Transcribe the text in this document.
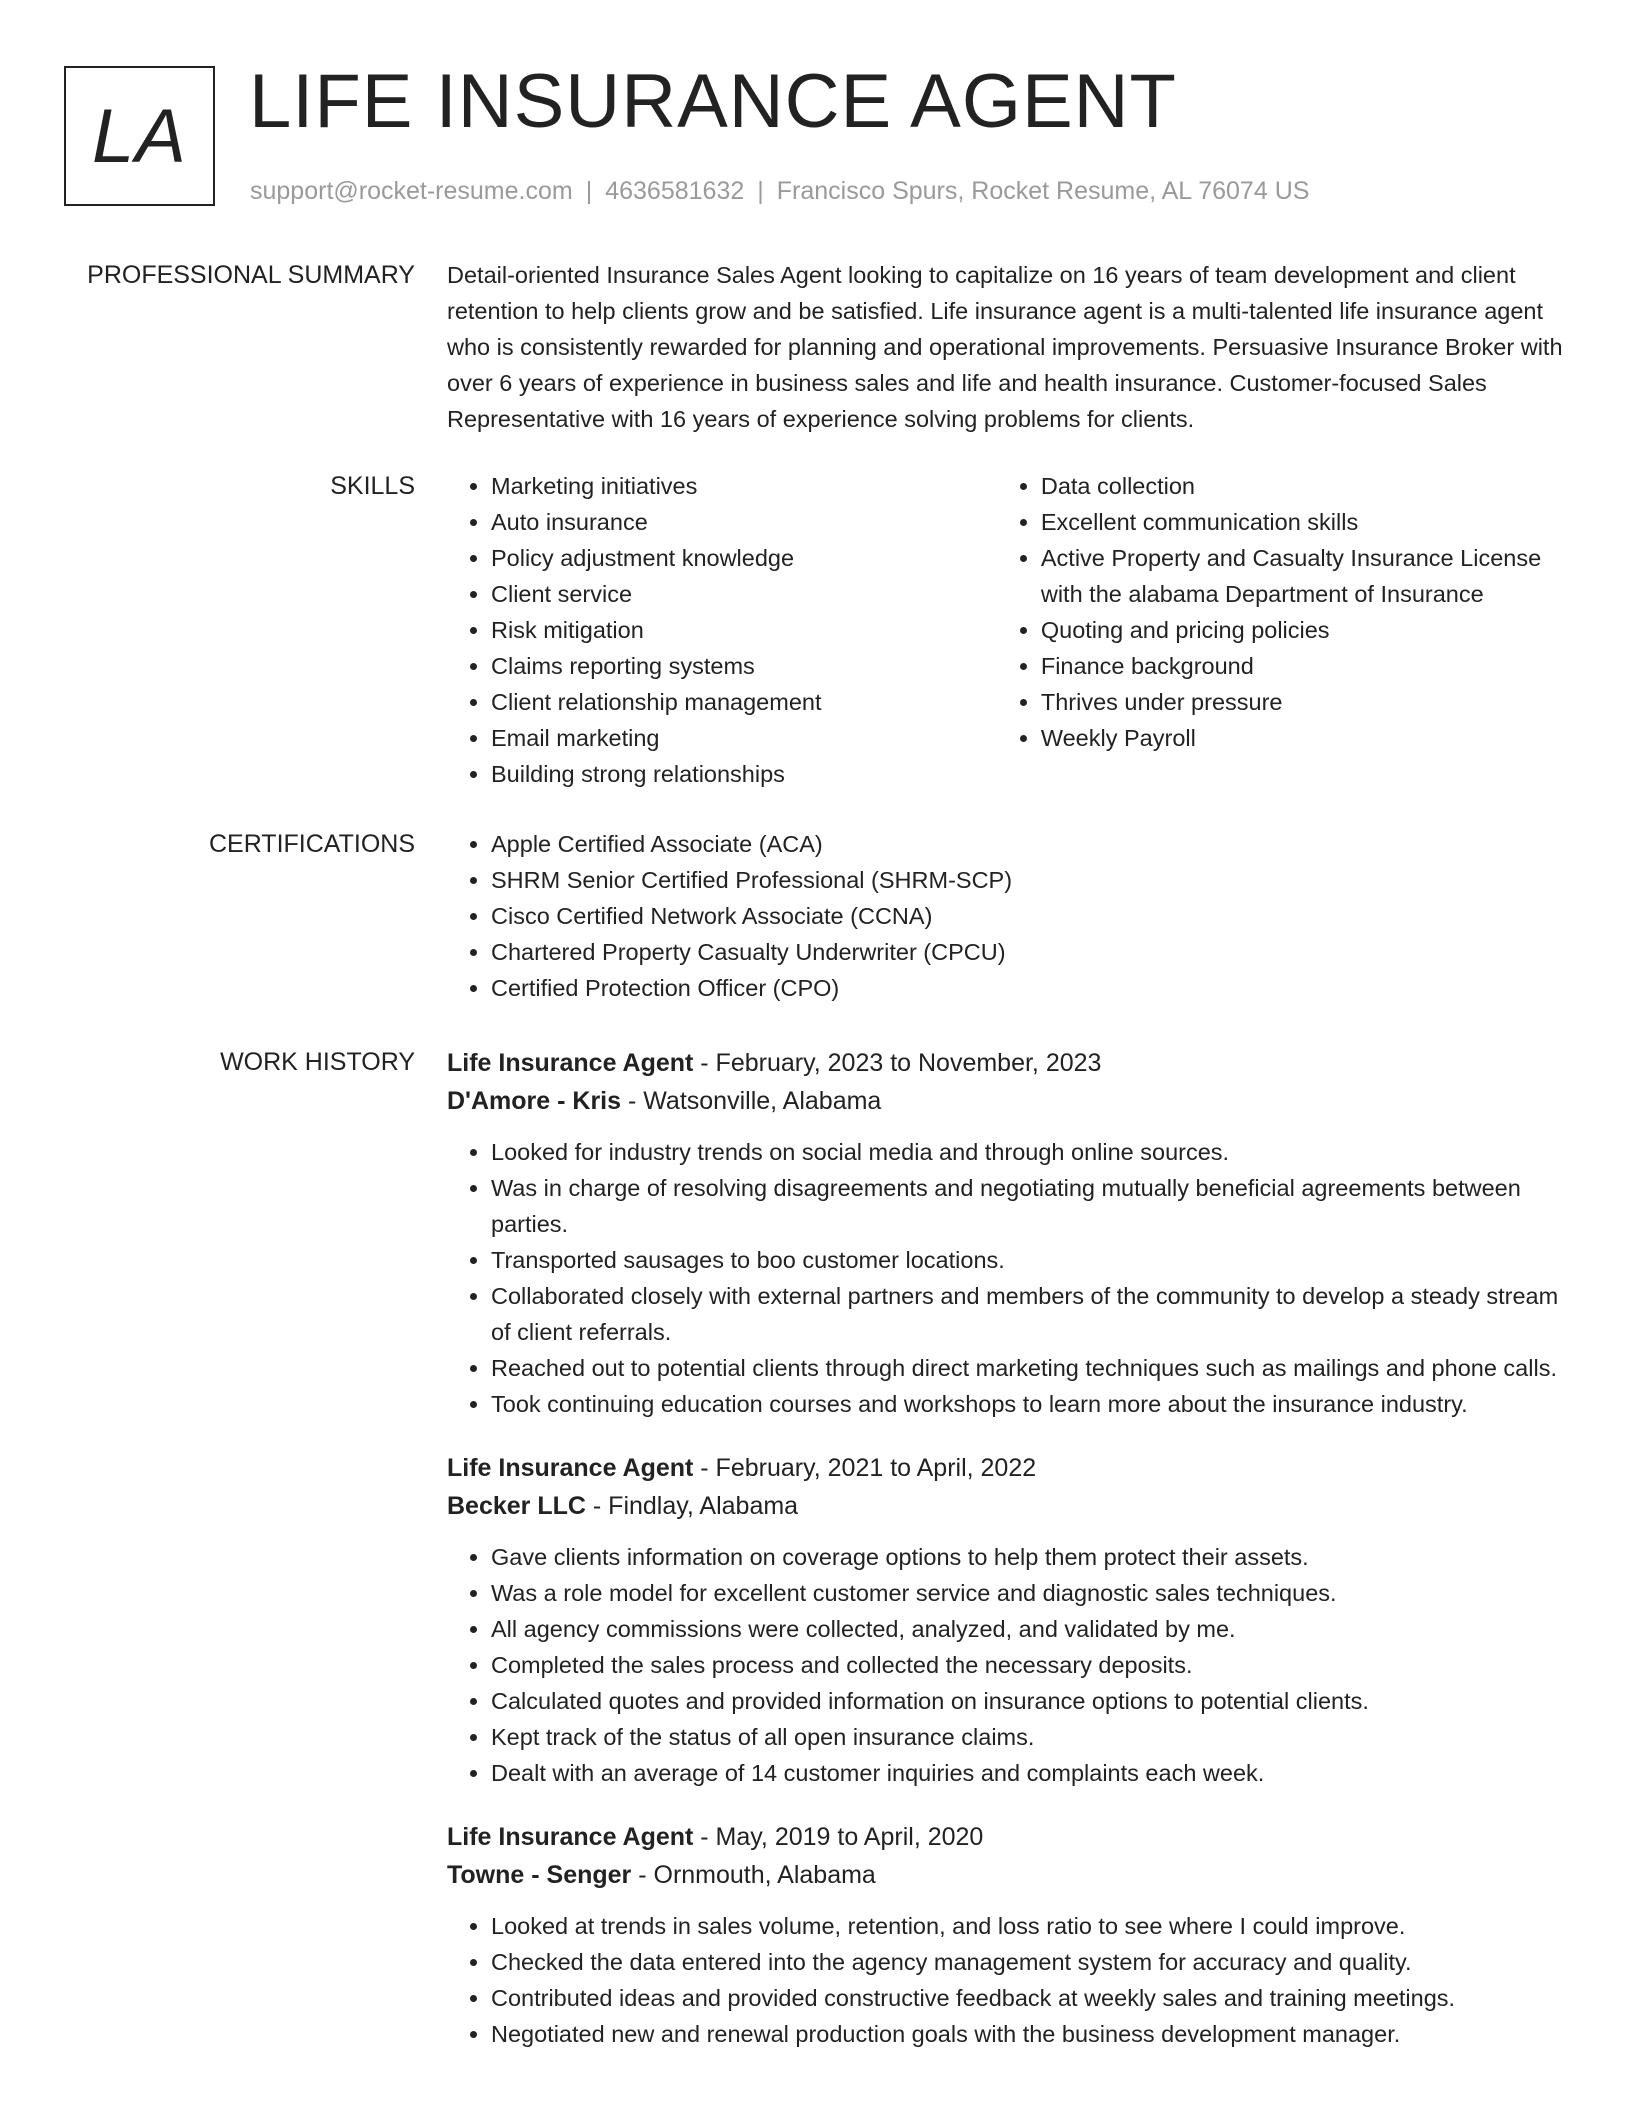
LA LIFE INSURANCE AGENT
support@rocket-resume.com | 4636581632 | Francisco Spurs, Rocket Resume, AL 76074 US
PROFESSIONAL SUMMARY Detail-oriented Insurance Sales Agent looking to capitalize on 16 years of team development and client retention to help clients grow and be satisfied. Life insurance agent is a multi-talented life insurance agent who is consistently rewarded for planning and operational improvements. Persuasive Insurance Broker with over 6 years of experience in business sales and life and health insurance. Customer-focused Sales Representative with 16 years of experience solving problems for clients.
SKILLS	• Marketing initiatives
• Auto insurance
• Policy adjustment knowledge
• Client service
• Risk mitigation
• Claims reporting systems
• Client relationship management
• Email marketing
• Building strong relationships
• Data collection
• Excellent communication skills
• Active Property and Casualty Insurance License with the alabama Department of Insurance
• Quoting and pricing policies
• Finance background
• Thrives under pressure
• Weekly Payroll
CERTIFICATIONS	• Apple Certified Associate (ACA)
• SHRM Senior Certified Professional (SHRM-SCP)
• Cisco Certified Network Associate (CCNA)
• Chartered Property Casualty Underwriter (CPCU)
• Certified Protection Officer (CPO)
WORK HISTORY Life Insurance Agent - February, 2023 to November, 2023
D'Amore - Kris - Watsonville, Alabama
• Looked for industry trends on social media and through online sources.
• Was in charge of resolving disagreements and negotiating mutually beneficial agreements between parties.
• Transported sausages to boo customer locations.
• Collaborated closely with external partners and members of the community to develop a steady stream of client referrals.
• Reached out to potential clients through direct marketing techniques such as mailings and phone calls.
• Took continuing education courses and workshops to learn more about the insurance industry.
Life Insurance Agent - February, 2021 to April, 2022
Becker LLC - Findlay, Alabama
• Gave clients information on coverage options to help them protect their assets.
• Was a role model for excellent customer service and diagnostic sales techniques.
• All agency commissions were collected, analyzed, and validated by me.
• Completed the sales process and collected the necessary deposits.
• Calculated quotes and provided information on insurance options to potential clients.
• Kept track of the status of all open insurance claims.
• Dealt with an average of 14 customer inquiries and complaints each week.
Life Insurance Agent - May, 2019 to April, 2020
Towne - Senger - Ornmouth, Alabama
• Looked at trends in sales volume, retention, and loss ratio to see where I could improve.
• Checked the data entered into the agency management system for accuracy and quality.
• Contributed ideas and provided constructive feedback at weekly sales and training meetings.
• Negotiated new and renewal production goals with the business development manager.
